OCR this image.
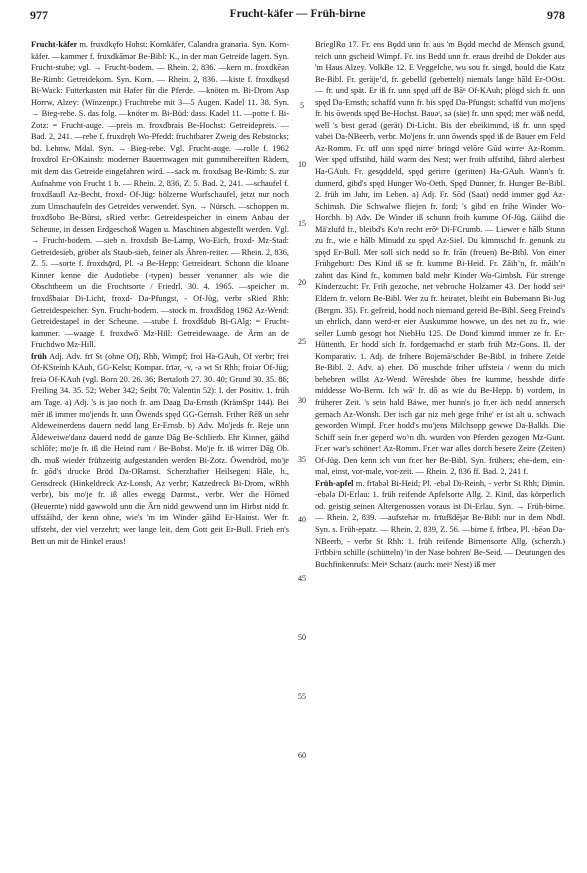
977	Frucht-käfer — Früh-birne	978

Frucht-käfer m. fruxdkęfo Hohst: Kornkäfer, Calandra granaria. Syn. Korn-käfer. —kammer f. fruxdkāmǝr Be-Bibl: K., in der man Getreide lagert. Syn. Frucht-stube; vgl. → Frucht-bodem. — Rhein. 2, 836. —kern m. froxdkēǝn Be-Rimb: Getreidekorn. Syn. Korn. — Rhein. 2, 836. —kiste f. froxdkęsd Bi-Wack: Futterkasten mit Hafer für die Pferde. —knöten m. Bi-Drom Asp Horrw, Alzey: (Winzenpr.) Fruchtrebe mit 3—5 Augen. Kadel 11. 38. Syn. → Bieg-rebe. S. das folg. —knöter m. Bi-Büd: dass. Kadel 11. —potte f. Bi-Zotz: = Frucht-auge. —preis m. froxdbrais Be-Hochst: Getreidepreis. — Bad. 2, 241. —rebe f. fruxdręb Wo-Pfedd: fruchtbarer Zweig des Rebstocks; bd. Lehnw. Mdal. Syn. → Bieg-rebe. Vgl. Frucht-auge. —rolle f. 1962 froxdrol Er-OKainsb: moderner Bauernwagen mit gummibereiften Rädern, mit dem das Getreide eingefahren wird. —sack m. froxdsag Be-Rimb: S. zur Aufnahme von Frucht 1 b. — Rhein. 2, 836, Z. 5. Bad. 2, 241. —schaufel f. froxdšaufl Az-Becht, froxd- Of-Jüg: hölzerne Wurfschaufel, jetzt nur noch zum Umschaufeln des Getreides verwendet. Syn. → Nürsch. —schoppen m. froxdšobo Be-Bürst, sRied verbr: Getreidespeicher in einem Anbau der Scheune, in dessen Erdgeschoß Wagen u. Maschinen abgestellt werden. Vgl. → Frucht-bodem. —sieb n. froxdsib Be-Lamp, Wo-Eich, froxd- Mz-Stad: Getreidesieb, gröber als Staub-sieb, feiner als Ähren-reiter. — Rhein. 2, 836, Z. 5. —sorte f. froxdsǭrd, Pl. -ǝ Be-Hepp: Getreideart. Schonn die kloane Kinner kenne die Audotiebe (-typen) besser venanner als wie die Obschtbeem un die Frochtsorte / Friedrl. 30. 4. 1965. —speicher m. froxdšbaiǝr Di-Licht, froxd- Da-Pfungst, - Of-Jüg, verbr sRied Rhh: Getreidespeicher. Syn. Frucht-bodem. —stock m. froxdšdog 1962 Az-Wend: Getreidestapel in der Scheune. —stube f. froxdšdub Bi-GAlg: = Frucht-kammer. —waage f. froxdwō Mz-Hill: Getreidewaage. de Ärm an de Fruchdwo Mz-Hill.

früh Adj. Adv. frī St (ohne Of), Rhh, Wimpf; froi Ha-GAuh, Of verbr; frei Of-KSteinh KAuh, GG-Kelst; Kompar. frīǝr, -v, -ǝ wt St Rhh; froiǝr Of-Jüg; freiǝ Of-KAuh (vgl. Born 20. 26. 36; Bertaloth 27. 30. 40; Grund 30. 35. 86; Freiling 34. 35. 52; Weber 342; Seibt 70; Valentin 52): I. der Positiv. 1. früh am Tage. a) Adj. 's is jao noch fr. am Daag Da-Ernsth (KrämSpr 144). Bei mēr iß immer mo'jends fr. unn Ōwends spęd GG-Gernsh. Friher Rēß un sehr Aldeweinerdens dauern nedd lang Er-Ernsb. b) Adv. Mo'jeds fr. Reje unn Āldeweiwe'danz dauerd nedd de ganze Dāg Be-Schlierb. Ehr Kinner, gāihd schlōfe; mo'je fr. iß die Heind rum / Be-Bobst. Mo'je fr. iß wirrer Dāg Ob. dh. muß wieder frühzeitig aufgestanden werden Bi-Zotz. Ōwendröd, mo'je fr. gōd's drocke Bröd Da-ORamst. Scherzhafter Heilsegen: Hāle, h., Gensdreck (Hinkeldreck Az-Lonsh, Az verbr; Katzedreck Bi-Drom, wRhh verbr), bis mo'je fr. iß alles ewegg Darmst., verbr. Wer die Hōmed (Heuernte) nidd gawwold unn die Ārn nidd gewwend unn im Hirbst nidd fr. uffstāihd, der kenn ohne, wie's 'm im Winder gāihd Er-Hainst. Wer fr. uffsteht, der viel verzehrt; wer lange leit, dem Gott geit Er-Bull. Frieh en's Bett un mit de Hinkel eraus!

5
10
15
20
25
30
35
40
45
50
55
60

BrieglRo 17. Fr. ens Bǫdd unn fr. aus 'm Bǫdd mechd de Mensch gsund, reich unn gscheid Wimpf. Fr. ins Bedd unn fr. eraus dreibd de Dokder aus 'm Haus Alzey. VolkBe 12. E Veggelche, wu sou fr. singd, hould die Katz Be-Bibl. Fr. geräjeʼd, fr. gebelld (gebettelt) niemals lange hāld Er-OOst. — fr. und spät. Er iß fr. unn spęd uff de Bāⁿ Of-KAuh; plögd sich fr. unn spęd Da-Ernsth; schaffd vunn fr. bis spęd Da-Pfungst; schaffd vun mo'jens fr. bis ōwends spęd Be-Hochst. Bauǝʳ, sǝ (säe) fr. unn spęd; mer wäß nedd, well 's best gerǝd (gerät) Di-Licht. Bis der ebeikimmd, iß fr. unn spęd vabei Da-NBeerb, verbr. Mo'jens fr. unn ōwends spęd iß de Bauer em Feld Az-Romm. Fr. uff unn spęd nirreʳ bringd velōre Gūd wirreʳ Az-Romm. Wer spęd uffstihd, häld wǝrm des Nest; wer froih uffstihd, fährd alerbest Ha-GAuh. Fr. gesǫddeld, spęd gerirre (geritten) Ha-GAuh. Wann's fr. dunnerd, gibd's spęd Hunger Wo-Oeth. Spęd Dunner, fr. Hunger Be-Bibl. 2. früh im Jahr, im Leben. a) Adj. Fr. Sōd (Saat) nedd immer gǫd Az-Schimsh. Die Schwalwe fliejen fr. ford; 's gibd en frihe Winder Wo-Horchh. b) Adv. De Winder iß schunn froih kumme Of-Jüg. Gäihd die Mä'zlufd fr., bleibd's Ko'n recht erōⁿ Di-FCrumb. — Liewer e hālb Stunn zu fr., wie e hālb Minudd zu spęd Az-Siel. Du kimmschd fr. genunk zu spęd Er-Bull. Mer soll sich nedd so fr. frān (freuen) Be-Bibl. Von einer Frühgeburt: Des Kind iß se fr. kumme Bi-Heid. Fr. Zāihʼn, fr. māihʼn zahnt das Kind fr., kommen bald mehr Kinder Wo-Gimbsh. Für strenge Kinderzucht: Fr. Frih gezoche, net vebroche Holzamer 43. Der hodd seiⁿ Eldern fr. velorn Be-Bibl. Wer zu fr. heiratet, bleibt ein Bubemann Bi-Jug (Bergm. 35). Fr. gefreid, hodd noch niemand gereid Be-Bibl. Seeg Freind's un ehrlich, dann werd-er eier Auskumme howwe, un des net zu fr., wie seller Lumb gesogt hot NiebHu 125. De Dond kimmd immer ze fr. Er-Hüttenth. Er hodd sich fr. fordgemachd er starb früh Mz-Gons. II. der Komparativ. 1. Adj. de frihere Bojemāʳschder Be-Bibl. in frihere Zeide Be-Bibl. 2. Adv. a) eher. Dō muschde friher uffsteiǝ / wenn du mich behebren willst Az-Wend. Wēreshde ōbes fre kumme, hesshde dirfe middesse Wo-Berm. Ich wāʳ fr. dō as wie du Be-Hepp. b) vordem, in früherer Zeit. 's sein hald Bäwe, mer hunn's jo fr.er äch nedd annersch gemach Az-Wonsh. Der isch gar niz meh gege frihe' er ist alt u. schwach geworden Wimpf. Fr.er hodd's mu'jens Milchsopp gewwe Da-Balkh. Die Schiff sein fr.er geperd wo'ʳn dh. wurden von Pferden gezogen Mz-Gunt. Fr.er war's schöner! Az-Romm. Fr.er war alles dorch besere Zeire (Zeiten) Of-Jüg. Den kenn ich vun fr.er her Be-Bibl. Syn. frühers; ehe-dem, ein-mal, einst, vor-male, vor-zeit. — Rhein. 2, 836 ff. Bad. 2, 241 f.

Früh-apfel m. frīabǝl Bi-Heid; Pl. -ebǝl Di-Reinh, - verbr St Rhh; Dimin. -ebǝlǝ Di-Erlau: 1. früh reifende Apfelsorte Allg. 2. Kind, das körperlich od. geistig seinen Altergenossen voraus ist Di-Erlau. Syn. → Früh-birne. — Rhein. 2, 839. —aufstehǝr m. frīufšdējǝr Be-Bibl: nur in dem Nbdl. Syn. s. Früh-epatz. — Rhein. 2, 839, Z. 56. —birne f. frībeǝ, Pl. -bēǝn Da-NBeerb, - verbr St Rhh: 1. früh reifende Birnensorte Allg. (scherzh.) Frībbiʳn schille (schütteln) 'in der Nase bohren' Be-Seid. — Deutungen des Buchfinkenrufs: Meiⁿ Schatz (auch: meiⁿ Nest) iß mer
